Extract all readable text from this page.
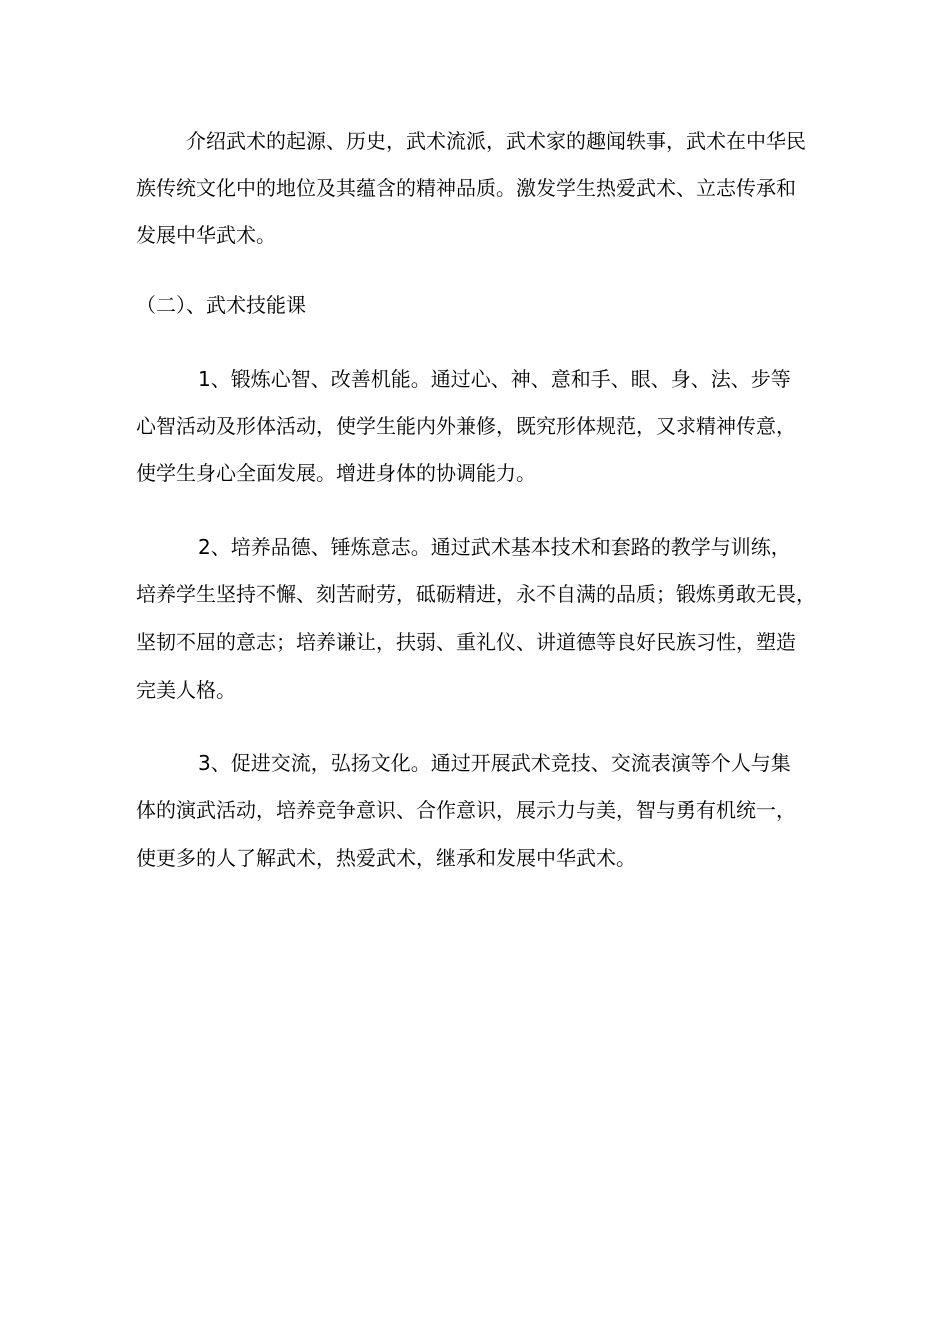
介绍武术的起源、历史，武术流派，武术家的趣闻轶事，武术在中华民
族传统文化中的地位及其蕴含的精神品质。激发学生热爱武术、立志传承和
发展中华武术。
（二）、武术技能课
1、锻炼心智、改善机能。通过心、神、意和手、眼、身、法、步等
心智活动及形体活动，使学生能内外兼修，既究形体规范，又求精神传意，
使学生身心全面发展。增进身体的协调能力。
2、培养品德、锤炼意志。通过武术基本技术和套路的教学与训练，
培养学生坚持不懈、刻苦耐劳，砥砺精进，永不自满的品质；锻炼勇敢无畏，
坚韧不屈的意志；培养谦让，扶弱、重礼仪、讲道德等良好民族习性，塑造
完美人格。
3、促进交流，弘扬文化。通过开展武术竞技、交流表演等个人与集
体的演武活动，培养竞争意识、合作意识，展示力与美，智与勇有机统一，
使更多的人了解武术，热爱武术，继承和发展中华武术。
